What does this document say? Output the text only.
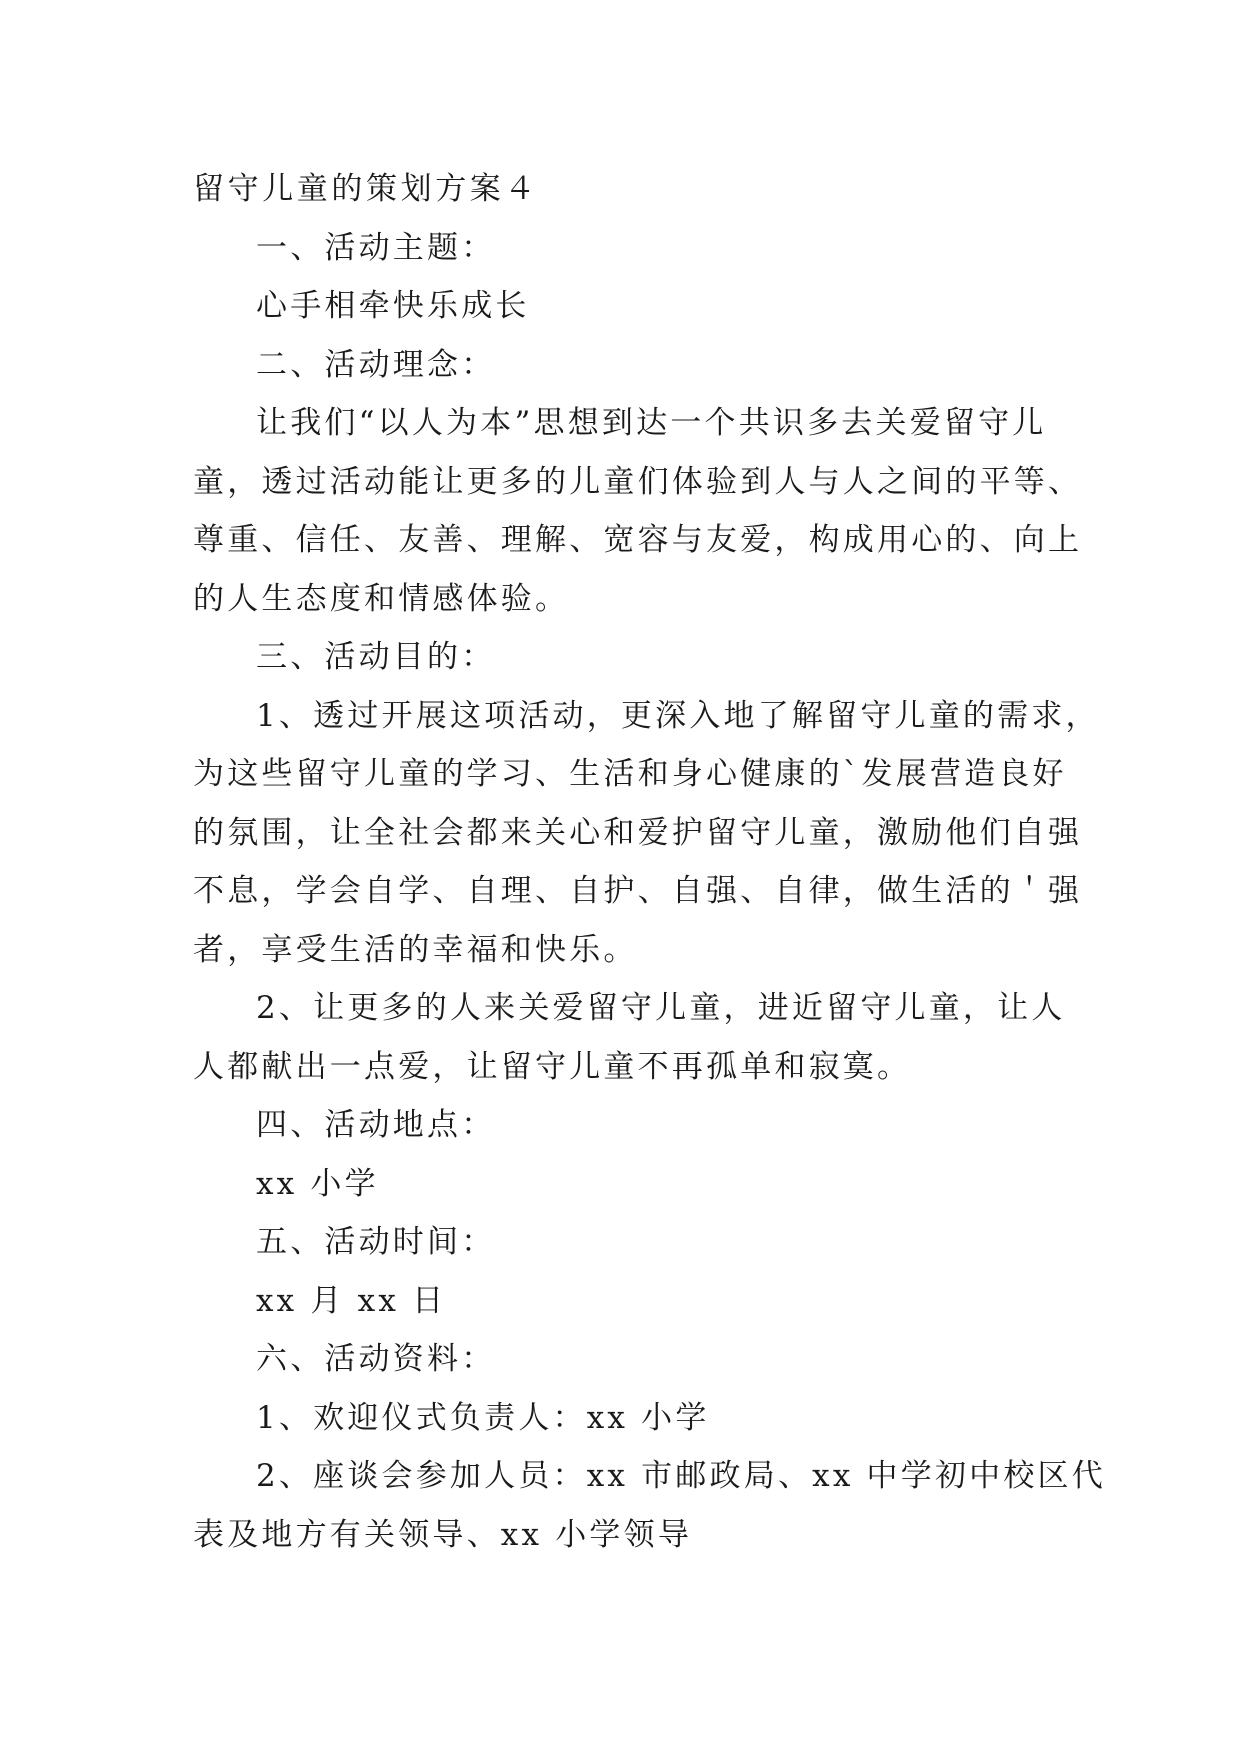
留守儿童的策划方案４

一、活动主题：

心手相牵快乐成长

二、活动理念：

让我们“以人为本”思想到达一个共识多去关爱留守儿

童，透过活动能让更多的儿童们体验到人与人之间的平等、

尊重、信任、友善、理解、宽容与友爱，构成用心的、向上

的人生态度和情感体验。

三、活动目的：

1、透过开展这项活动，更深入地了解留守儿童的需求，

为这些留守儿童的学习、生活和身心健康的`发展营造良好

的氛围，让全社会都来关心和爱护留守儿童，激励他们自强

不息，学会自学、自理、自护、自强、自律，做生活的＇强

者，享受生活的幸福和快乐。

2、让更多的人来关爱留守儿童，进近留守儿童，让人

人都献出一点爱，让留守儿童不再孤单和寂寞。

四、活动地点：

xx 小学

五、活动时间：

xx 月 xx 日

六、活动资料：

1、欢迎仪式负责人：xx 小学

2、座谈会参加人员：xx 市邮政局、xx 中学初中校区代

表及地方有关领导、xx 小学领导
